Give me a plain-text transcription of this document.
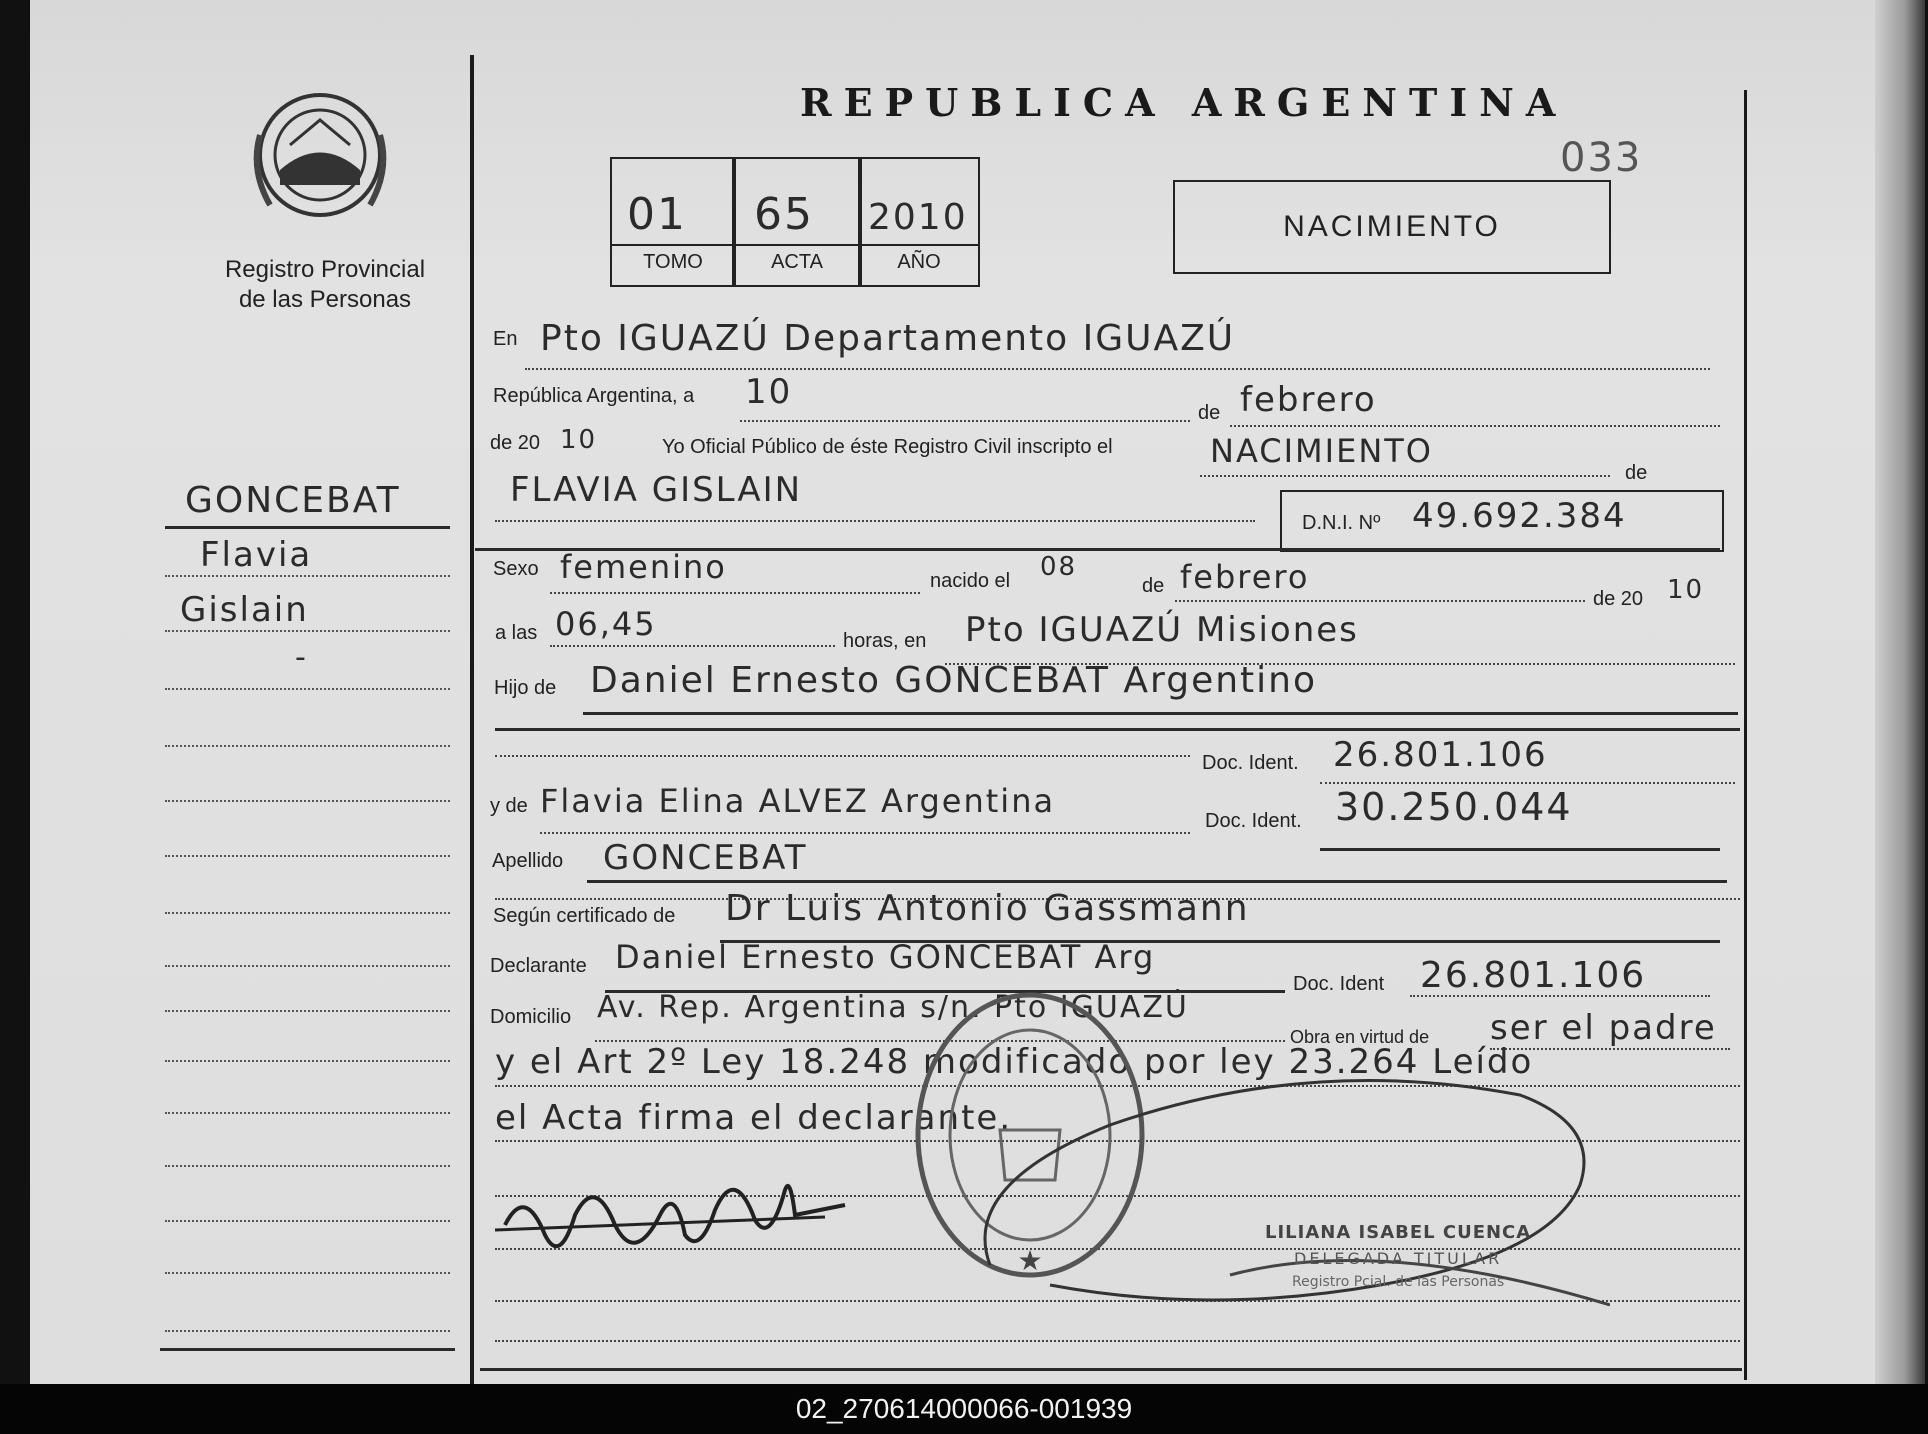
Registro Provincial
de las Personas
REPUBLICA ARGENTINA
033
01
TOMO
65
ACTA
2010
AÑO
NACIMIENTO
GONCEBAT
Flavia
Gislain
-
En Pto IGUAZÚ Departamento IGUAZÚ
República Argentina, a 10
de febrero
de 20 10	Yo Oficial Público de éste Registro Civil inscripto el	NACIMIENTO
de
FLAVIA GISLAIN
D.N.I. Nº 49.692.384
Sexo femenino	nacido el 08
de febrero
de 20 10
a las 06,45	horas, en Pto IGUAZÚ Misiones
Hijo de Daniel Ernesto GONCEBAT Argentino
Doc. Ident. 26.801.106
y de Flavia Elina ALVEZ Argentina
Doc. Ident. 30.250.044
Apellido GONCEBAT
Según certificado de Dr Luis Antonio Gassmann
Declarante Daniel Ernesto GONCEBAT Arg
Doc. Ident 26.801.106
Domicilio Av. Rep. Argentina s/n. Pto IGUAZÚ
Obra en virtud de ser el padre
y el Art 2º Ley 18.248 modificado por ley 23.264 Leído
el Acta firma el declarante.
★
LILIANA ISABEL CUENCA
DELEGADA TITULAR
Registro Pcial. de las Personas
02_270614000066-001939
